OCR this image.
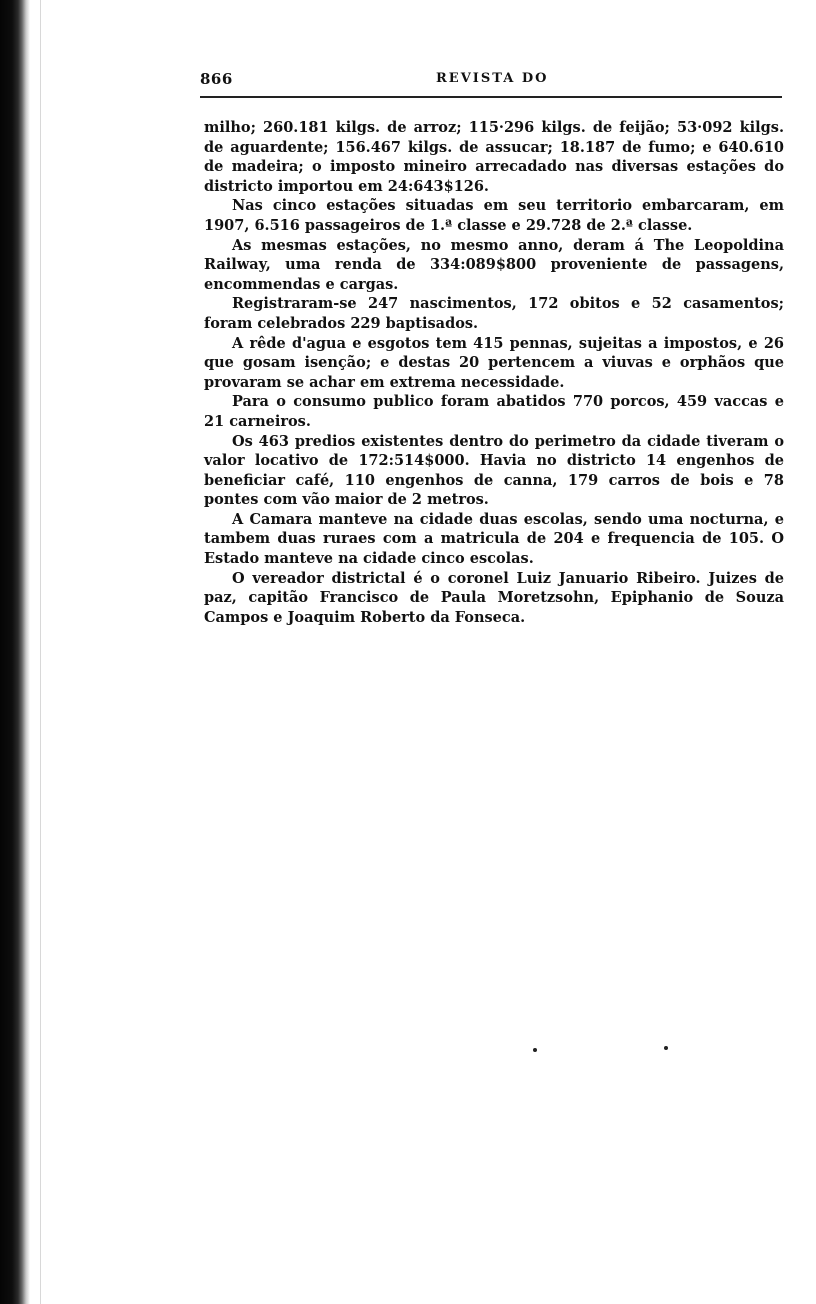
866	REVISTA DO

milho; 260.181 kilgs. de arroz; 115·296 kilgs. de feijão; 53·092 kilgs. de aguardente; 156.467 kilgs. de assucar; 18.187 de fumo; e 640.610 de madeira; o imposto mineiro arrecadado nas diversas estações do districto importou em 24:643$126.

Nas cinco estações situadas em seu territorio embarcaram, em 1907, 6.516 passageiros de 1.ª classe e 29.728 de 2.ª classe.

As mesmas estações, no mesmo anno, deram á The Leopoldina Railway, uma renda de 334:089$800 proveniente de passagens, encommendas e cargas.

Registraram-se 247 nascimentos, 172 obitos e 52 casamentos; foram celebrados 229 baptisados.

A rêde d'agua e esgotos tem 415 pennas, sujeitas a impostos, e 26 que gosam isenção; e destas 20 pertencem a viuvas e orphãos que provaram se achar em extrema necessidade.

Para o consumo publico foram abatidos 770 porcos, 459 vaccas e 21 carneiros.

Os 463 predios existentes dentro do perimetro da cidade tiveram o valor locativo de 172:514$000. Havia no districto 14 engenhos de beneficiar café, 110 engenhos de canna, 179 carros de bois e 78 pontes com vão maior de 2 metros.

A Camara manteve na cidade duas escolas, sendo uma nocturna, e tambem duas ruraes com a matricula de 204 e frequencia de 105. O Estado manteve na cidade cinco escolas.

O vereador districtal é o coronel Luiz Januario Ribeiro. Juizes de paz, capitão Francisco de Paula Moretzsohn, Epiphanio de Souza Campos e Joaquim Roberto da Fonseca.
